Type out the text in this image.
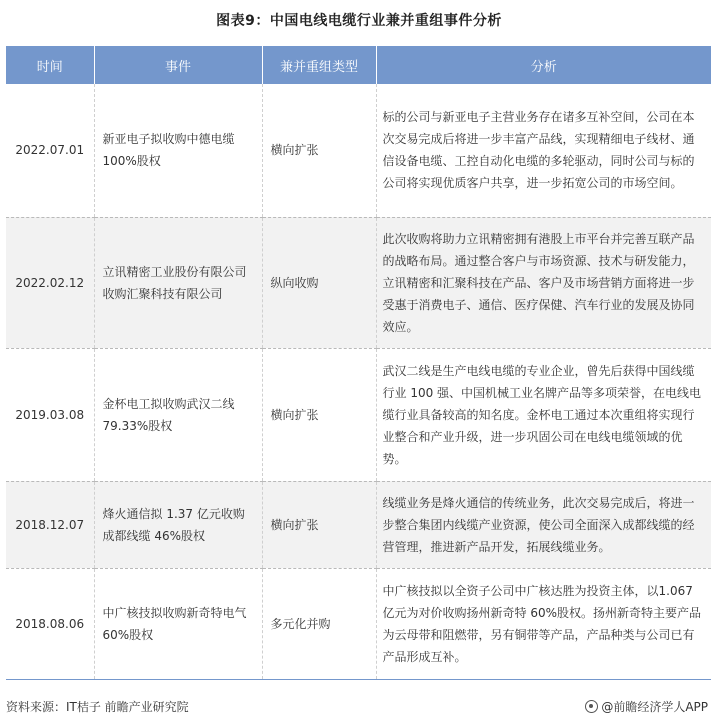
图表9：中国电线电缆行业兼并重组事件分析
时间	事件	兼并重组类型	分析
2022.07.01	新亚电子拟收购中德电缆100%股权	横向扩张	标的公司与新亚电子主营业务存在诸多互补空间，公司在本次交易完成后将进一步丰富产品线，实现精细电子线材、通信设备电缆、工控自动化电缆的多轮驱动，同时公司与标的公司将实现优质客户共享，进一步拓宽公司的市场空间。
2022.02.12	立讯精密工业股份有限公司收购汇聚科技有限公司	纵向收购	此次收购将助力立讯精密拥有港股上市平台并完善互联产品的战略布局。通过整合客户与市场资源、技术与研发能力，立讯精密和汇聚科技在产品、客户及市场营销方面将进一步受惠于消费电子、通信、医疗保健、汽车行业的发展及协同效应。
2019.03.08	金杯电工拟收购武汉二线79.33%股权	横向扩张	武汉二线是生产电线电缆的专业企业，曾先后获得中国线缆行业 100 强、中国机械工业名牌产品等多项荣誉，在电线电缆行业具备较高的知名度。金杯电工通过本次重组将实现行业整合和产业升级，进一步巩固公司在电线电缆领域的优势。
2018.12.07	烽火通信拟 1.37 亿元收购成都线缆 46%股权	横向扩张	线缆业务是烽火通信的传统业务，此次交易完成后，将进一步整合集团内线缆产业资源，使公司全面深入成都线缆的经营管理，推进新产品开发，拓展线缆业务。
2018.08.06	中广核技拟收购新奇特电气 60%股权	多元化并购	中广核技拟以全资子公司中广核达胜为投资主体，以1.067 亿元为对价收购扬州新奇特 60%股权。扬州新奇特主要产品为云母带和阻燃带，另有铜带等产品，产品种类与公司已有产品形成互补。
资料来源：IT桔子 前瞻产业研究院	@前瞻经济学人APP
